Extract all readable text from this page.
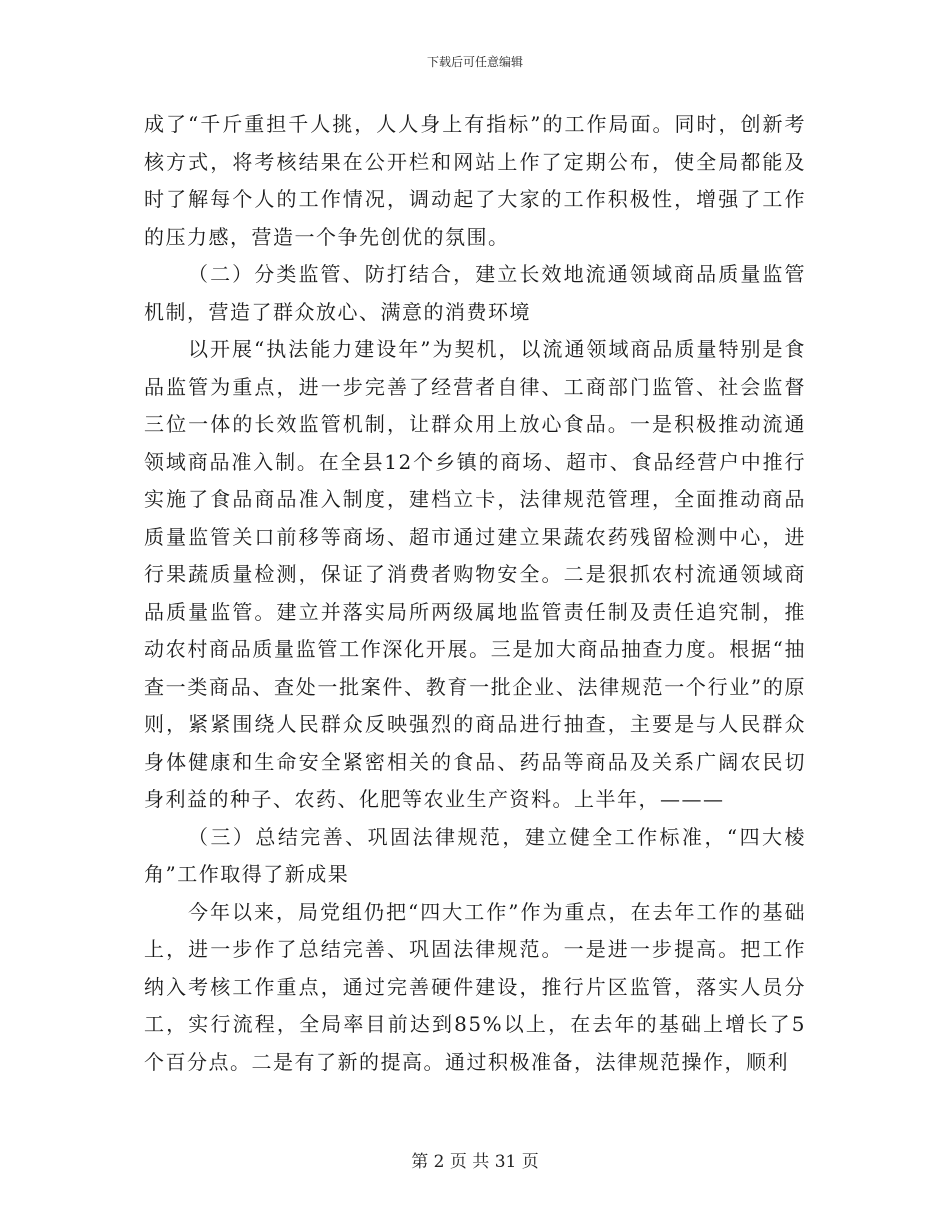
下载后可任意编辑

成了“千斤重担千人挑，人人身上有指标”的工作局面。同时，创新考核方式，将考核结果在公开栏和网站上作了定期公布，使全局都能及时了解每个人的工作情况，调动起了大家的工作积极性，增强了工作的压力感，营造一个争先创优的氛围。

（二）分类监管、防打结合，建立长效地流通领域商品质量监管机制，营造了群众放心、满意的消费环境

以开展“执法能力建设年”为契机，以流通领域商品质量特别是食品监管为重点，进一步完善了经营者自律、工商部门监管、社会监督三位一体的长效监管机制，让群众用上放心食品。一是积极推动流通领域商品准入制。在全县12个乡镇的商场、超市、食品经营户中推行实施了食品商品准入制度，建档立卡，法律规范管理，全面推动商品质量监管关口前移等商场、超市通过建立果蔬农药残留检测中心，进行果蔬质量检测，保证了消费者购物安全。二是狠抓农村流通领域商品质量监管。建立并落实局所两级属地监管责任制及责任追究制，推动农村商品质量监管工作深化开展。三是加大商品抽查力度。根据“抽查一类商品、查处一批案件、教育一批企业、法律规范一个行业”的原则，紧紧围绕人民群众反映强烈的商品进行抽查，主要是与人民群众身体健康和生命安全紧密相关的食品、药品等商品及关系广阔农民切身利益的种子、农药、化肥等农业生产资料。上半年，———

（三）总结完善、巩固法律规范，建立健全工作标准，“四大棱角”工作取得了新成果

今年以来，局党组仍把“四大工作”作为重点，在去年工作的基础上，进一步作了总结完善、巩固法律规范。一是进一步提高。把工作纳入考核工作重点，通过完善硬件建设，推行片区监管，落实人员分工，实行流程，全局率目前达到85%以上，在去年的基础上增长了5个百分点。二是有了新的提高。通过积极准备，法律规范操作，顺利

第 2 页 共 31 页
